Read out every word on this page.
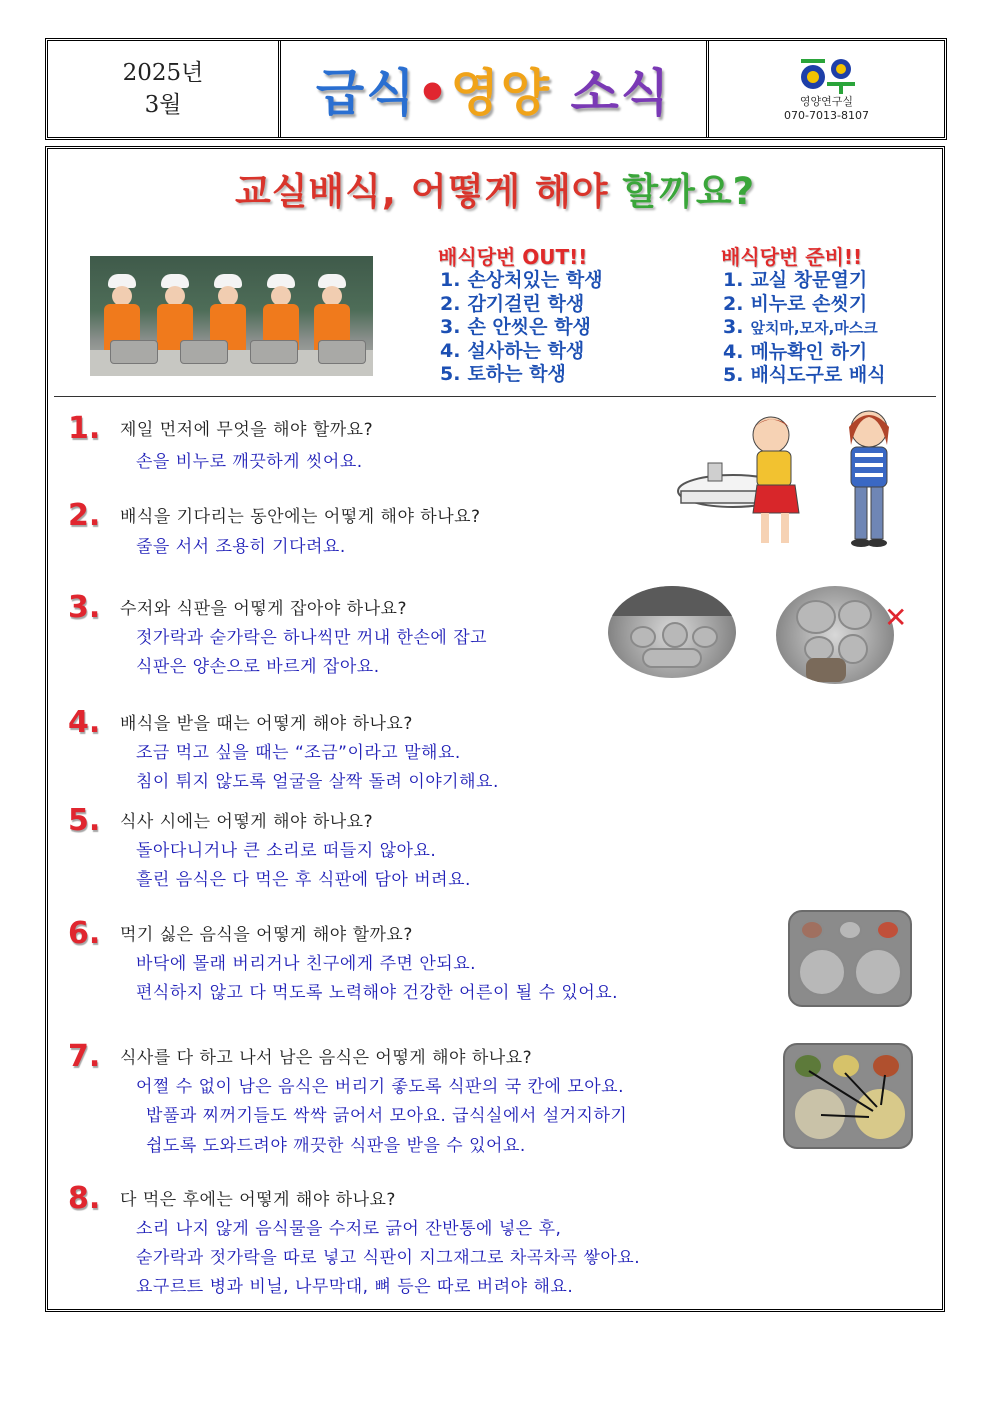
2025년
3월	급식•영양 소식	영양연구실
070-7013-8107
교실배식, 어떻게 해야 할까요?
배식당번 OUT!!
1. 손상처있는 학생
2. 감기걸린 학생
3. 손 안씻은 학생
4. 설사하는 학생
5. 토하는 학생
배식당번 준비!!
1. 교실 창문열기
2. 비누로 손씻기
3. 앞치마,모자,마스크
4. 메뉴확인 하기
5. 배식도구로 배식
1. 제일 먼저에 무엇을 해야 할까요?
손을 비누로 깨끗하게 씻어요.
2. 배식을 기다리는 동안에는 어떻게 해야 하나요?
줄을 서서 조용히 기다려요.
3. 수저와 식판을 어떻게 잡아야 하나요?
젓가락과 숟가락은 하나씩만 꺼내 한손에 잡고
식판은 양손으로 바르게 잡아요.
4. 배식을 받을 때는 어떻게 해야 하나요?
조금 먹고 싶을 때는 “조금”이라고 말해요.
침이 튀지 않도록 얼굴을 살짝 돌려 이야기해요.
5. 식사 시에는 어떻게 해야 하나요?
돌아다니거나 큰 소리로 떠들지 않아요.
흘린 음식은 다 먹은 후 식판에 담아 버려요.
6. 먹기 싫은 음식을 어떻게 해야 할까요?
바닥에 몰래 버리거나 친구에게 주면 안되요.
편식하지 않고 다 먹도록 노력해야 건강한 어른이 될 수 있어요.
7. 식사를 다 하고 나서 남은 음식은 어떻게 해야 하나요?
어쩔 수 없이 남은 음식은 버리기 좋도록 식판의 국 칸에 모아요.
밥풀과 찌꺼기들도 싹싹 긁어서 모아요. 급식실에서 설거지하기
쉽도록 도와드려야 깨끗한 식판을 받을 수 있어요.
8. 다 먹은 후에는 어떻게 해야 하나요?
소리 나지 않게 음식물을 수저로 긁어 잔반통에 넣은 후,
숟가락과 젓가락을 따로 넣고 식판이 지그재그로 차곡차곡 쌓아요.
요구르트 병과 비닐, 나무막대, 뼈 등은 따로 버려야 해요.
✕
